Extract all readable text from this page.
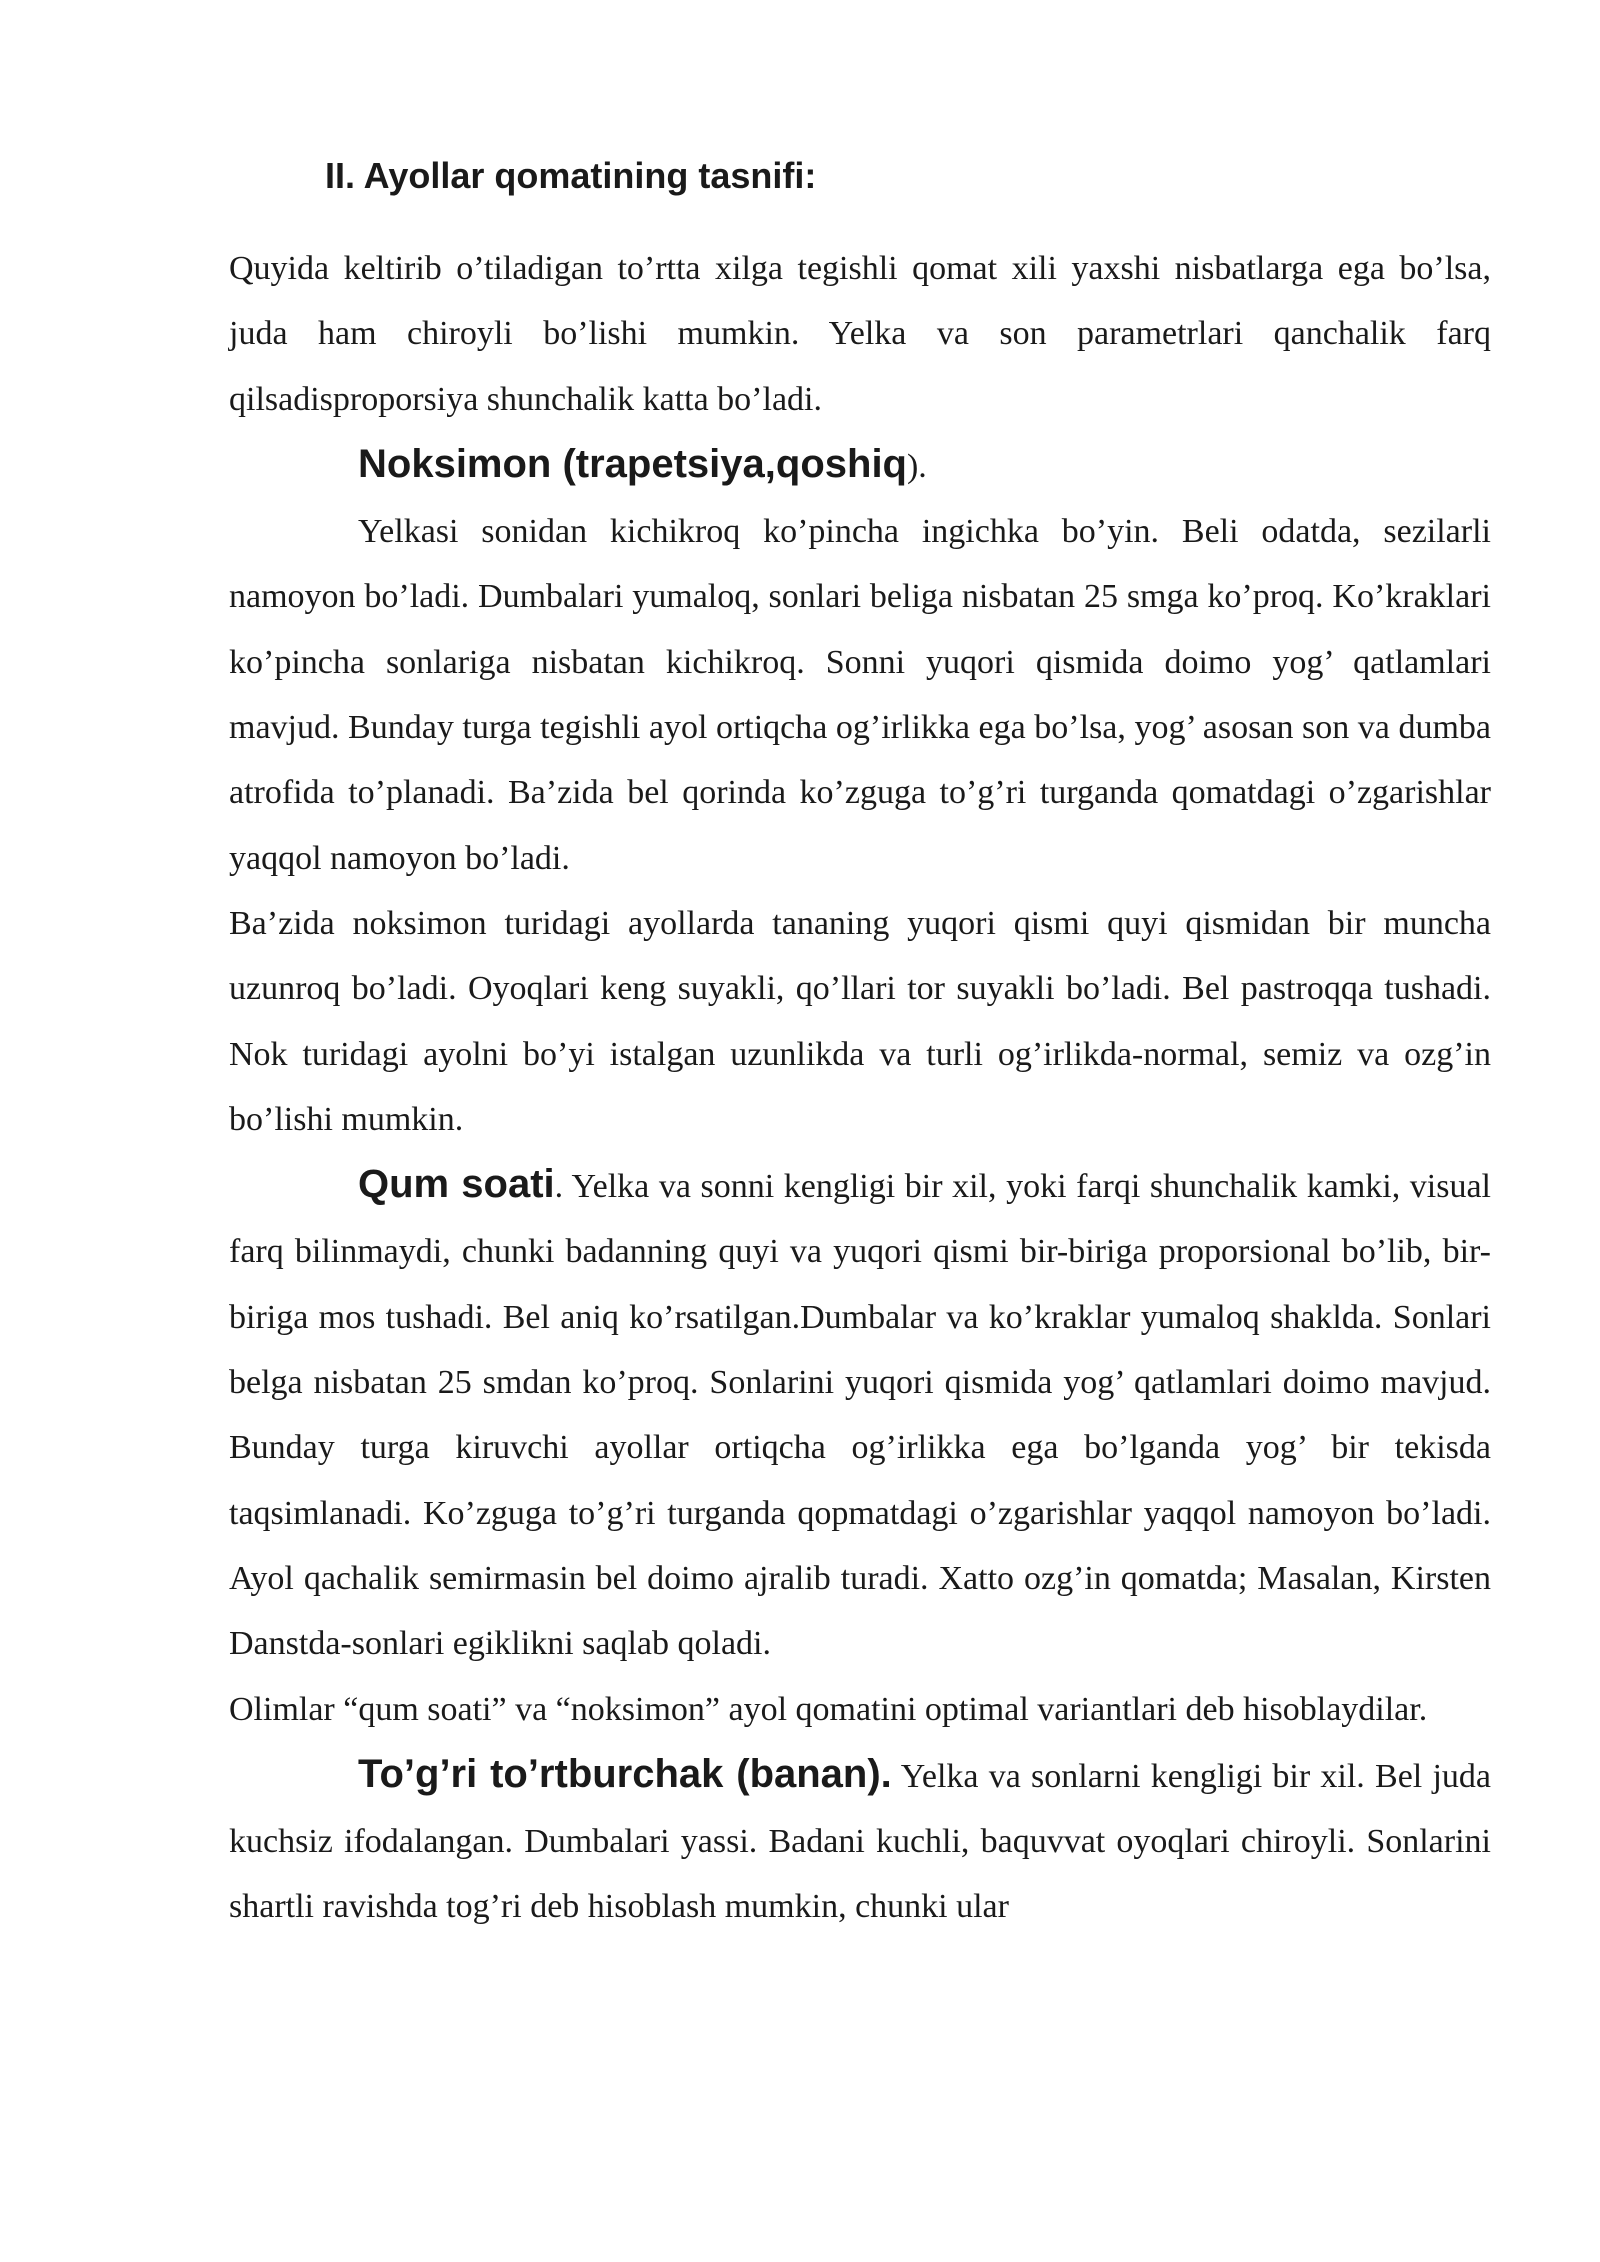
II. Ayollar qomatining tasnifi:

Quyida keltirib o’tiladigan to’rtta xilga tegishli qomat xili yaxshi nisbatlarga ega bo’lsa, juda ham chiroyli bo’lishi mumkin. Yelka va son parametrlari qanchalik farq qilsadisproporsiya shunchalik katta bo’ladi.

Noksimon (trapetsiya,qoshiq).

Yelkasi sonidan kichikroq ko’pincha ingichka bo’yin. Beli odatda, sezilarli namoyon bo’ladi. Dumbalari yumaloq, sonlari beliga nisbatan 25 smga ko’proq. Ko’kraklari ko’pincha sonlariga nisbatan kichikroq. Sonni yuqori qismida doimo yog’ qatlamlari mavjud. Bunday turga tegishli ayol ortiqcha og’irlikka ega bo’lsa, yog’ asosan son va dumba atrofida to’planadi. Ba’zida bel qorinda ko’zguga to’g’ri turganda qomatdagi o’zgarishlar yaqqol namoyon bo’ladi.

Ba’zida noksimon turidagi ayollarda tananing yuqori qismi quyi qismidan bir muncha uzunroq bo’ladi. Oyoqlari keng suyakli, qo’llari tor suyakli bo’ladi. Bel pastroqqa tushadi. Nok turidagi ayolni bo’yi istalgan uzunlikda va turli og’irlikda-normal, semiz va ozg’in bo’lishi mumkin.

Qum soati. Yelka va sonni kengligi bir xil, yoki farqi shunchalik kamki, visual farq bilinmaydi, chunki badanning quyi va yuqori qismi bir-biriga proporsional bo’lib, bir-biriga mos tushadi. Bel aniq ko’rsatilgan.Dumbalar va ko’kraklar yumaloq shaklda. Sonlari belga nisbatan 25 smdan ko’proq. Sonlarini yuqori qismida yog’ qatlamlari doimo mavjud. Bunday turga kiruvchi ayollar ortiqcha og’irlikka ega bo’lganda yog’ bir tekisda taqsimlanadi. Ko’zguga to’g’ri turganda qopmatdagi o’zgarishlar yaqqol namoyon bo’ladi. Ayol qachalik semirmasin bel doimo ajralib turadi. Xatto ozg’in qomatda; Masalan, Kirsten Danstda-sonlari egiklikni saqlab qoladi.

Olimlar “qum soati” va “noksimon” ayol qomatini optimal variantlari deb hisoblaydilar.

To’g’ri to’rtburchak (banan). Yelka va sonlarni kengligi bir xil. Bel juda kuchsiz ifodalangan. Dumbalari yassi. Badani kuchli, baquvvat oyoqlari chiroyli. Sonlarini shartli ravishda tog’ri deb hisoblash mumkin, chunki ular
